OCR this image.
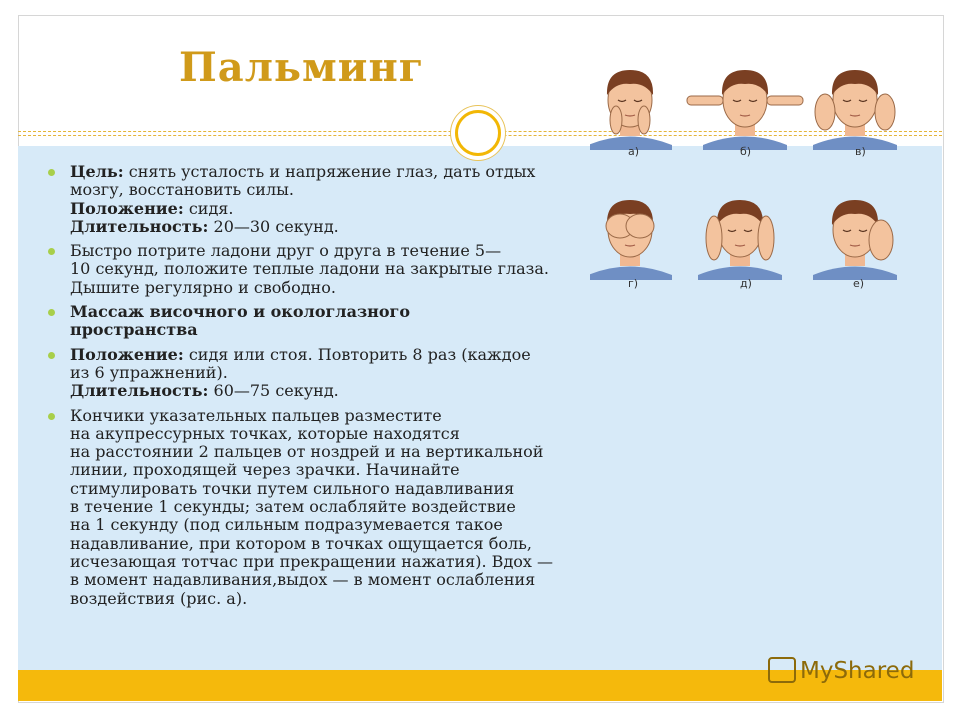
Пальминг
Цель: снять усталость и напряжение глаз, дать отдых
мозгу, восстановить силы.
Положение: сидя.
Длительность: 20—30 секунд.
Быстро потрите ладони друг о друга в течение 5—
10 секунд, положите теплые ладони на закрытые глаза.
Дышите регулярно и свободно.
Массаж височного и окологлазного
пространства
Положение: сидя или стоя. Повторить 8 раз (каждое
из 6 упражнений).
Длительность: 60—75 секунд.
Кончики указательных пальцев разместите
на акупрессурных точках, которые находятся
на расстоянии 2 пальцев от ноздрей и на вертикальной
линии, проходящей через зрачки. Начинайте
стимулировать точки путем сильного надавливания
в течение 1 секунды; затем ослабляйте воздействие
на 1 секунду (под сильным подразумевается такое
надавливание, при котором в точках ощущается боль,
исчезающая тотчас при прекращении нажатия). Вдох —
в момент надавливания,выдох — в момент ослабления
воздействия (рис. а).
а)	б)	в)
г)	д)	е)
MyShared
